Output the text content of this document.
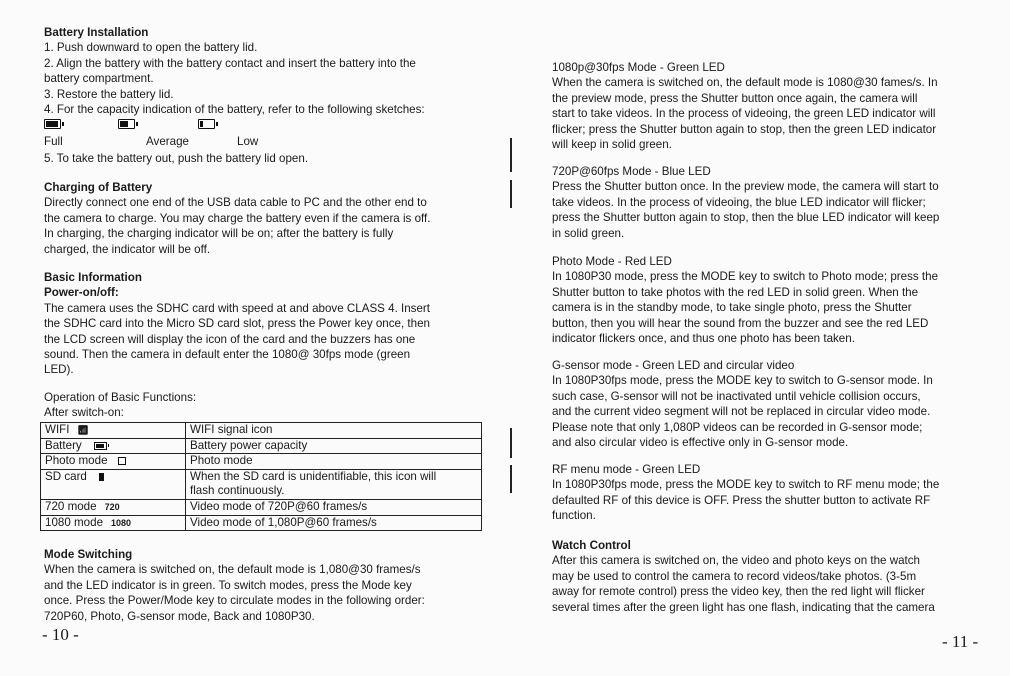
Battery Installation
1. Push downward to open the battery lid.
2. Align the battery with the battery contact and insert the battery into the
battery compartment.
3. Restore the battery lid.
4. For the capacity indication of the battery, refer to the following sketches:
Full	Average	Low
5. To take the battery out, push the battery lid open.
Charging of Battery
Directly connect one end of the USB data cable to PC and the other end to
the camera to charge. You may charge the battery even if the camera is off.
In charging, the charging indicator will be on; after the battery is fully
charged, the indicator will be off.
Basic Information
Power-on/off:
The camera uses the SDHC card with speed at and above CLASS 4. Insert
the SDHC card into the Micro SD card slot, press the Power key once, then
the LCD screen will display the icon of the card and the buzzers has one
sound. Then the camera in default enter the 1080@ 30fps mode (green
LED).
Operation of Basic Functions:
After switch-on:
WIFI 📶︎	WIFI signal icon
Battery	Battery power capacity
Photo mode	Photo mode
SD card	When the SD card is unidentifiable, this icon will
flash continuously.

720 mode 720	Video mode of 720P@60 frames/s
1080 mode 1080	Video mode of 1,080P@60 frames/s
Mode Switching
When the camera is switched on, the default mode is 1,080@30 frames/s
and the LED indicator is in green. To switch modes, press the Mode key
once. Press the Power/Mode key to circulate modes in the following order:
720P60, Photo, G-sensor mode, Back and 1080P30.
- 10 -
1080p@30fps Mode - Green LED
When the camera is switched on, the default mode is 1080@30 fames/s. In
the preview mode, press the Shutter button once again, the camera will
start to take videos. In the process of videoing, the green LED indicator will
flicker; press the Shutter button again to stop, then the green LED indicator
will keep in solid green.
720P@60fps Mode - Blue LED
Press the Shutter button once. In the preview mode, the camera will start to
take videos. In the process of videoing, the blue LED indicator will flicker;
press the Shutter button again to stop, then the blue LED indicator will keep
in solid green.
Photo Mode - Red LED
In 1080P30 mode, press the MODE key to switch to Photo mode; press the
Shutter button to take photos with the red LED in solid green. When the
camera is in the standby mode, to take single photo, press the Shutter
button, then you will hear the sound from the buzzer and see the red LED
indicator flickers once, and thus one photo has been taken.
G-sensor mode - Green LED and circular video
In 1080P30fps mode, press the MODE key to switch to G-sensor mode. In
such case, G-sensor will not be inactivated until vehicle collision occurs,
and the current video segment will not be replaced in circular video mode.
Please note that only 1,080P videos can be recorded in G-sensor mode;
and also circular video is effective only in G-sensor mode.
RF menu mode - Green LED
In 1080P30fps mode, press the MODE key to switch to RF menu mode; the
defaulted RF of this device is OFF. Press the shutter button to activate RF
function.
Watch Control
After this camera is switched on, the video and photo keys on the watch
may be used to control the camera to record videos/take photos. (3-5m
away for remote control) press the video key, then the red light will flicker
several times after the green light has one flash, indicating that the camera
- 11 -
